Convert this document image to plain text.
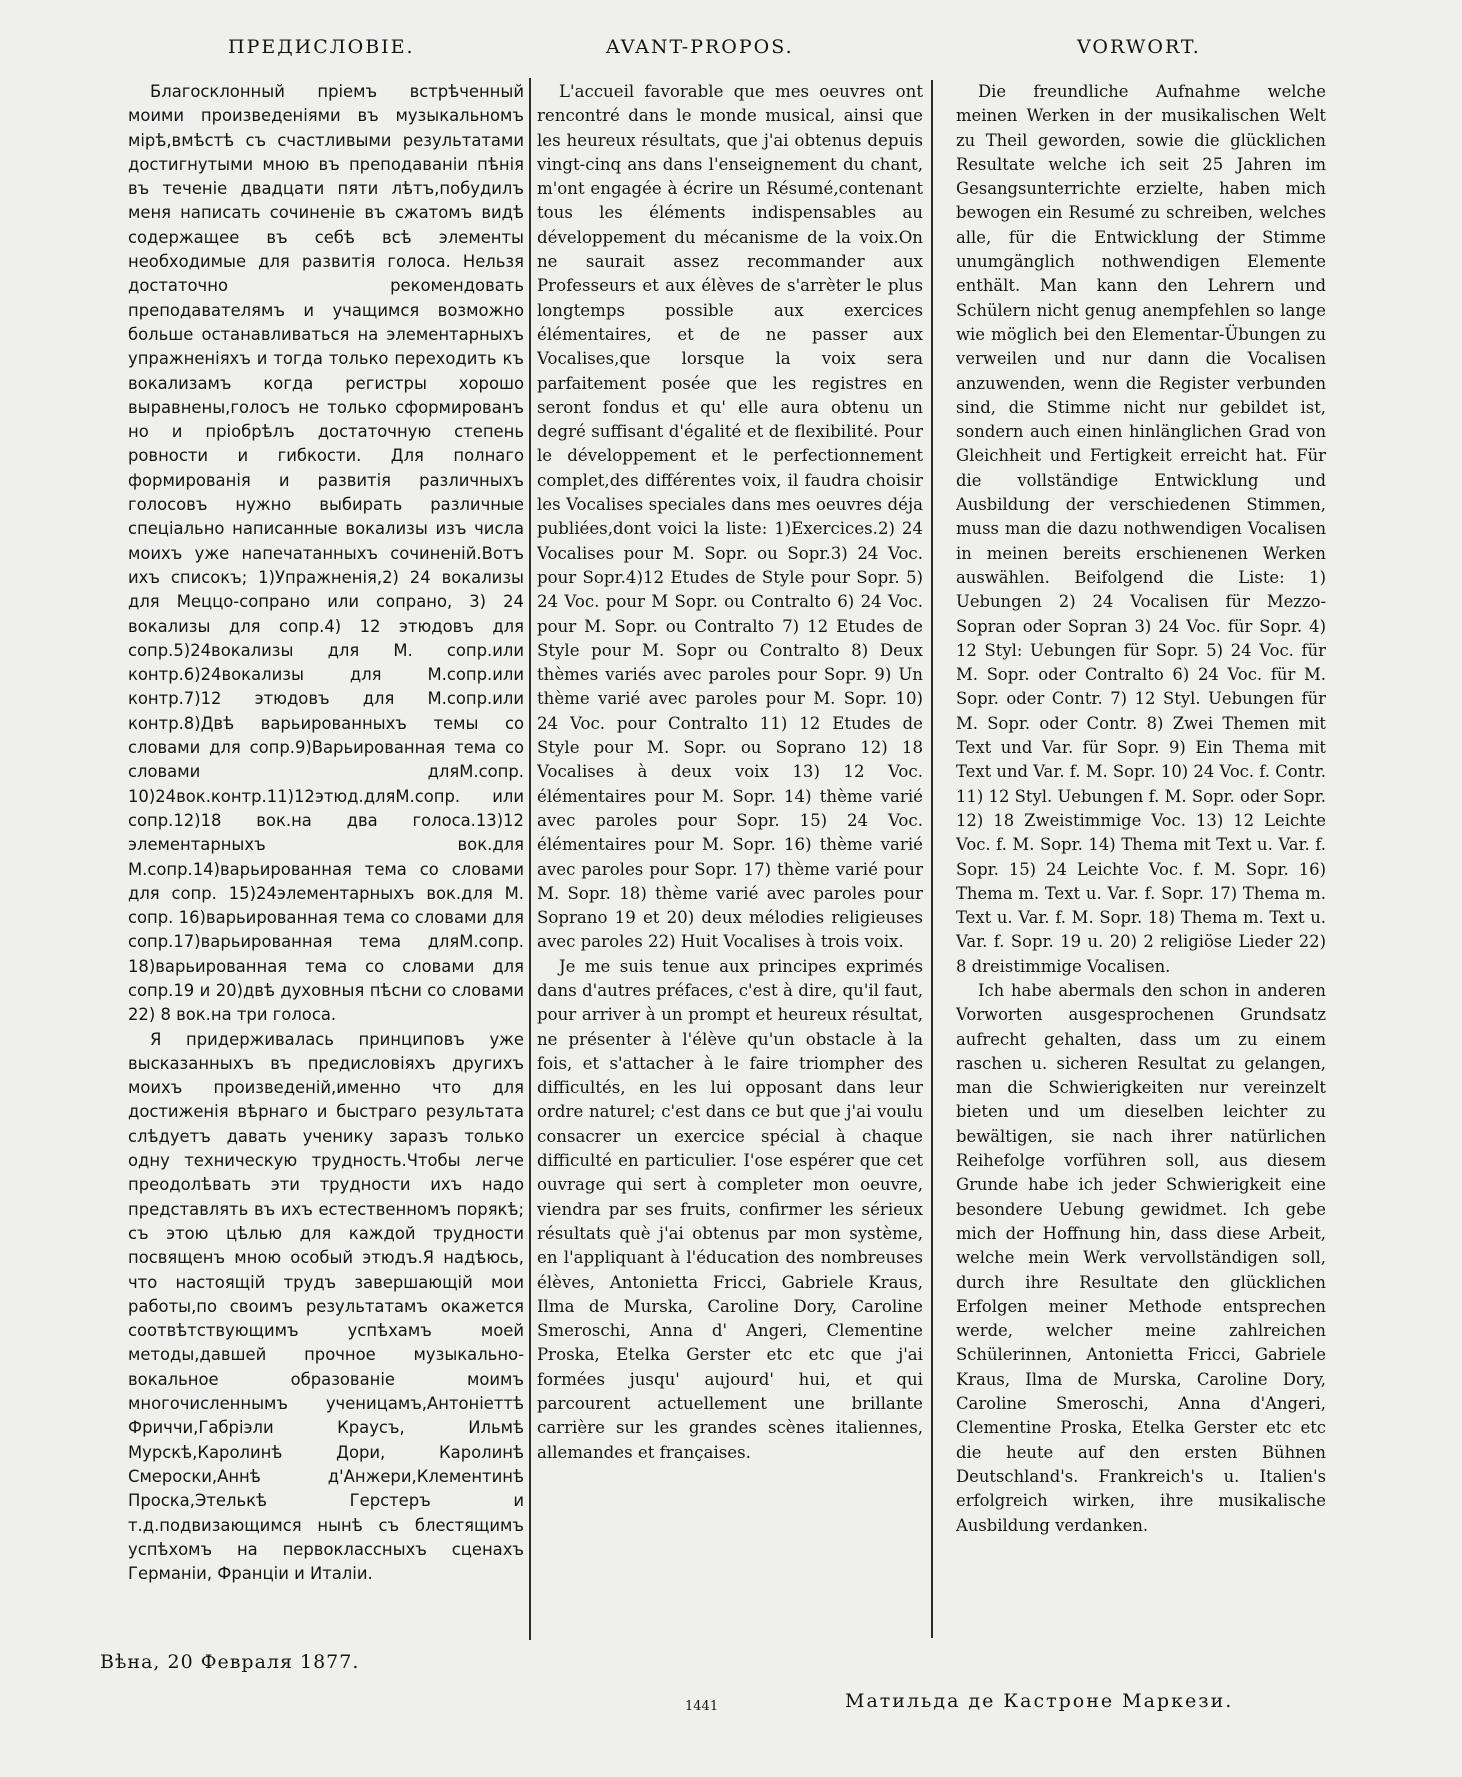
ПРЕДИСЛОВІЕ.	AVANT-PROPOS.	VORWORT.

Благосклонный пріемъ встрѣченный моими произведеніями въ музыкальномъ мірѣ,вмѣстѣ съ счастливыми результатами достигнутыми мною въ преподаваніи пѣнія въ теченіе двадцати пяти лѣтъ,побудилъ меня написать сочиненіе въ сжатомъ видѣ содержащее въ себѣ всѣ элементы необходимые для развитія голоса. Нельзя достаточно рекомендовать преподавателямъ и учащимся возможно больше останавливаться на элементарныхъ упражненіяхъ и тогда только переходить къ вокализамъ когда регистры хорошо выравнены,голосъ не только сформированъ но и пріобрѣлъ достаточную степень ровности и гибкости. Для полнаго формированія и развитія различныхъ голосовъ нужно выбирать различные спеціально написанные вокализы изъ числа моихъ уже напечатанныхъ сочиненій.Вотъ ихъ списокъ; 1)Упражненія,2) 24 вокализы для Меццо-сопрано или сопрано, 3) 24 вокализы для сопр.4) 12 этюдовъ для сопр.5)24вокализы для М. сопр.или контр.6)24вокализы для М.сопр.или контр.7)12 этюдовъ для М.сопр.или контр.8)Двѣ варьированныхъ темы со словами для сопр.9)Варьированная тема со словами дляМ.сопр. 10)24вок.контр.11)12этюд.дляМ.сопр. или сопр.12)18 вок.на два голоса.13)12 элементарныхъ вок.для М.сопр.14)варьированная тема со словами для сопр. 15)24элементарныхъ вок.для М. сопр. 16)варьированная тема со словами для сопр.17)варьированная тема дляМ.сопр. 18)варьированная тема со словами для сопр.19 и 20)двѣ духовныя пѣсни со словами 22) 8 вок.на три голоса.

Я придерживалась принциповъ уже высказанныхъ въ предисловіяхъ другихъ моихъ произведеній,именно что для достиженія вѣрнаго и быстраго результата слѣдуетъ давать ученику заразъ только одну техническую трудность.Чтобы легче преодолѣвать эти трудности ихъ надо представлять въ ихъ естественномъ порякѣ; съ этою цѣлью для каждой трудности посвященъ мною особый этюдъ.Я надѣюсь, что настоящій трудъ завершающій мои работы,по своимъ результатамъ окажется соотвѣтствующимъ успѣхамъ моей методы,давшей прочное музыкально-вокальное образованіе моимъ многочисленнымъ ученицамъ,Антоніеттѣ Фриччи,Габріэли Краусъ, Ильмѣ Мурскѣ,Каролинѣ Дори, Каролинѣ Смероски,Аннѣ д'Анжери,Клементинѣ Проска,Этелькѣ Герстеръ и т.д.подвизающимся нынѣ съ блестящимъ успѣхомъ на первоклассныхъ сценахъ Германіи, Франціи и Италіи.

L'accueil favorable que mes oeuvres ont rencontré dans le monde musical, ainsi que les heureux résultats, que j'ai obtenus depuis vingt-cinq ans dans l'enseignement du chant, m'ont engagée à écrire un Résumé,contenant tous les éléments indispensables au développement du mécanisme de la voix.On ne saurait assez recommander aux Professeurs et aux élèves de s'arrèter le plus longtemps possible aux exercices élémentaires, et de ne passer aux Vocalises,que lorsque la voix sera parfaitement posée que les registres en seront fondus et qu' elle aura obtenu un degré suffisant d'égalité et de flexibilité. Pour le développement et le perfectionnement complet,des différentes voix, il faudra choisir les Vocalises speciales dans mes oeuvres déja publiées,dont voici la liste: 1)Exercices.2) 24 Vocalises pour M. Sopr. ou Sopr.3) 24 Voc. pour Sopr.4)12 Etudes de Style pour Sopr. 5) 24 Voc. pour M Sopr. ou Contralto 6) 24 Voc. pour M. Sopr. ou Contralto 7) 12 Etudes de Style pour M. Sopr ou Contralto 8) Deux thèmes variés avec paroles pour Sopr. 9) Un thème varié avec paroles pour M. Sopr. 10) 24 Voc. pour Contralto 11) 12 Etudes de Style pour M. Sopr. ou Soprano 12) 18 Vocalises à deux voix 13) 12 Voc. élémentaires pour M. Sopr. 14) thème varié avec paroles pour Sopr. 15) 24 Voc. élémentaires pour M. Sopr. 16) thème varié avec paroles pour Sopr. 17) thème varié pour M. Sopr. 18) thème varié avec paroles pour Soprano 19 et 20) deux mélodies religieuses avec paroles 22) Huit Vocalises à trois voix.

Je me suis tenue aux principes exprimés dans d'autres préfaces, c'est à dire, qu'il faut, pour arriver à un prompt et heureux résultat, ne présenter à l'élève qu'un obstacle à la fois, et s'attacher à le faire triompher des difficultés, en les lui opposant dans leur ordre naturel; c'est dans ce but que j'ai voulu consacrer un exercice spécial à chaque difficulté en particulier. I'ose espérer que cet ouvrage qui sert à completer mon oeuvre, viendra par ses fruits, confirmer les sérieux résultats què j'ai obtenus par mon système, en l'appliquant à l'éducation des nombreuses élèves, Antonietta Fricci, Gabriele Kraus, Ilma de Murska, Caroline Dory, Caroline Smeroschi, Anna d' Angeri, Clementine Proska, Etelka Gerster etc etc que j'ai formées jusqu' aujourd' hui, et qui parcourent actuellement une brillante carrière sur les grandes scènes italiennes, allemandes et françaises.

Die freundliche Aufnahme welche meinen Werken in der musikalischen Welt zu Theil geworden, sowie die glücklichen Resultate welche ich seit 25 Jahren im Gesangsunterrichte erzielte, haben mich bewogen ein Resumé zu schreiben, welches alle, für die Entwicklung der Stimme unumgänglich nothwendigen Elemente enthält. Man kann den Lehrern und Schülern nicht genug anempfehlen so lange wie möglich bei den Elementar-Übungen zu verweilen und nur dann die Vocalisen anzuwenden, wenn die Register verbunden sind, die Stimme nicht nur gebildet ist, sondern auch einen hinlänglichen Grad von Gleichheit und Fertigkeit erreicht hat. Für die vollständige Entwicklung und Ausbildung der verschiedenen Stimmen, muss man die dazu nothwendigen Vocalisen in meinen bereits erschienenen Werken auswählen. Beifolgend die Liste: 1) Uebungen 2) 24 Vocalisen für Mezzo-Sopran oder Sopran 3) 24 Voc. für Sopr. 4) 12 Styl: Uebungen für Sopr. 5) 24 Voc. für M. Sopr. oder Contralto 6) 24 Voc. für M. Sopr. oder Contr. 7) 12 Styl. Uebungen für M. Sopr. oder Contr. 8) Zwei Themen mit Text und Var. für Sopr. 9) Ein Thema mit Text und Var. f. M. Sopr. 10) 24 Voc. f. Contr. 11) 12 Styl. Uebungen f. M. Sopr. oder Sopr. 12) 18 Zweistimmige Voc. 13) 12 Leichte Voc. f. M. Sopr. 14) Thema mit Text u. Var. f. Sopr. 15) 24 Leichte Voc. f. M. Sopr. 16) Thema m. Text u. Var. f. Sopr. 17) Thema m. Text u. Var. f. M. Sopr. 18) Thema m. Text u. Var. f. Sopr. 19 u. 20) 2 religiöse Lieder 22) 8 dreistimmige Vocalisen.

Ich habe abermals den schon in anderen Vorworten ausgesprochenen Grundsatz aufrecht gehalten, dass um zu einem raschen u. sicheren Resultat zu gelangen, man die Schwierigkeiten nur vereinzelt bieten und um dieselben leichter zu bewältigen, sie nach ihrer natürlichen Reihefolge vorführen soll, aus diesem Grunde habe ich jeder Schwierigkeit eine besondere Uebung gewidmet. Ich gebe mich der Hoffnung hin, dass diese Arbeit, welche mein Werk vervollständigen soll, durch ihre Resultate den glücklichen Erfolgen meiner Methode entsprechen werde, welcher meine zahlreichen Schülerinnen, Antonietta Fricci, Gabriele Kraus, Ilma de Murska, Caroline Dory, Caroline Smeroschi, Anna d'Angeri, Clementine Proska, Etelka Gerster etc etc die heute auf den ersten Bühnen Deutschland's. Frankreich's u. Italien's erfolgreich wirken, ihre musikalische Ausbildung verdanken.

Вѣна, 20 Февраля 1877.

1441	Матильда де Кастроне Маркези.
